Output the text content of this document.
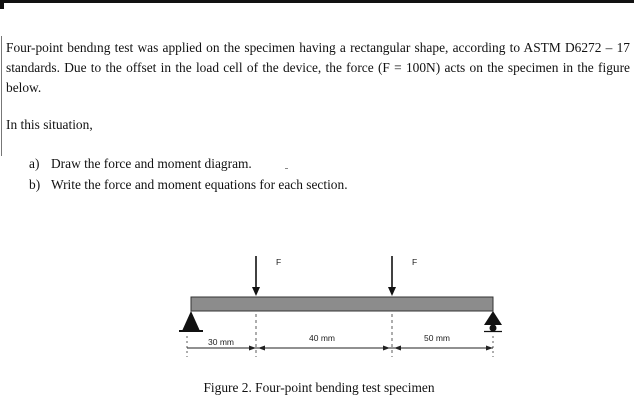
Four-point bendıng test was applied on the specimen having a rectangular shape, according to ASTM D6272 – 17 standards. Due to the offset in the load cell of the device, the force (F = 100N) acts on the specimen in the figure below.

In this situation,
a) Draw the force and moment diagram.
b) Write the force and moment equations for each section.
F	F
30 mm	40 mm	50 mm
Figure 2. Four-point bending test specimen
